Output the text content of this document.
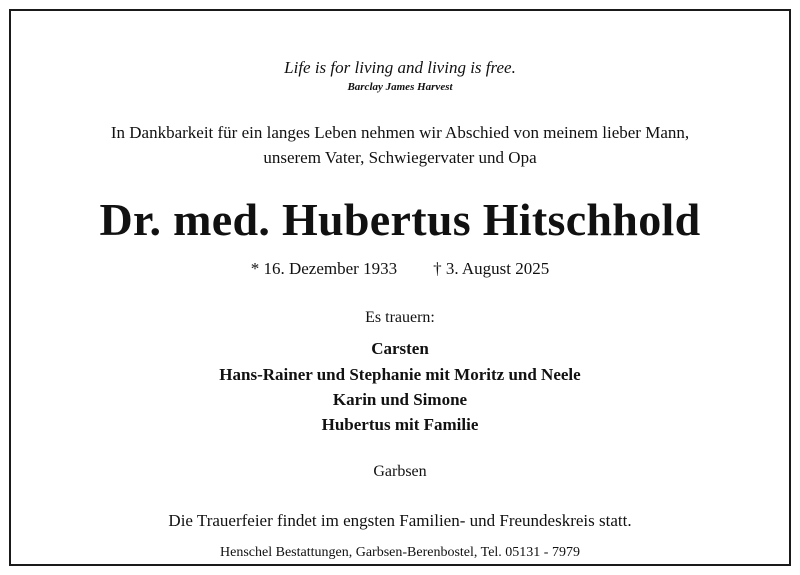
Life is for living and living is free.
Barclay James Harvest
In Dankbarkeit für ein langes Leben nehmen wir Abschied von meinem lieber Mann,
unserem Vater, Schwiegervater und Opa
Dr. med. Hubertus Hitschhold
* 16. Dezember 1933 † 3. August 2025
Es trauern:
Carsten
Hans-Rainer und Stephanie mit Moritz und Neele
Karin und Simone
Hubertus mit Familie
Garbsen
Die Trauerfeier findet im engsten Familien- und Freundeskreis statt.
Henschel Bestattungen, Garbsen-Berenbostel, Tel. 05131 - 7979
